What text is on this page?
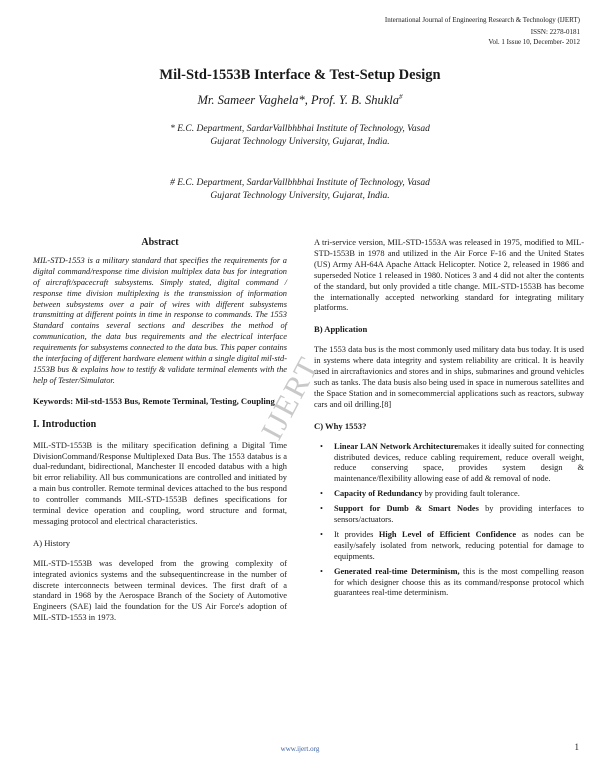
International Journal of Engineering Research & Technology (IJERT)
ISSN: 2278-0181
Vol. 1 Issue 10, December- 2012
Mil-Std-1553B Interface & Test-Setup Design
Mr. Sameer Vaghela*, Prof. Y. B. Shukla#
* E.C. Department, SardarVallbhbhai Institute of Technology, Vasad
Gujarat Technology University, Gujarat, India.
# E.C. Department, SardarVallbhbhai Institute of Technology, Vasad
Gujarat Technology University, Gujarat, India.
Abstract
MIL-STD-1553 is a military standard that specifies the requirements for a digital command/response time division multiplex data bus for integration of aircraft/spacecraft subsystems. Simply stated, digital command / response time division multiplexing is the transmission of information between subsystems over a pair of wires with different subsystems transmitting at different points in time in response to commands. The 1553 Standard contains several sections and describes the method of communication, the data bus requirements and the electrical interface requirements for subsystems connected to the data bus. This paper contains the interfacing of different hardware element within a single digital mil-std-1553B bus & explains how to testify & validate terminal elements with the help of Tester/Simulator.
Keywords: Mil-std-1553 Bus, Remote Terminal, Testing, Coupling
I. Introduction

MIL-STD-1553B is the military specification defining a Digital Time DivisionCommand/Response Multiplexed Data Bus. The 1553 databus is a dual-redundant, bidirectional, Manchester II encoded databus with a high bit error reliability. All bus communications are controlled and initiated by a main bus controller. Remote terminal devices attached to the bus respond to controller commands MIL-STD-1553B defines specifications for terminal device operation and coupling, word structure and format, messaging protocol and electrical characteristics.

A) History

MIL-STD-1553B was developed from the growing complexity of integrated avionics systems and the subsequentincrease in the number of discrete interconnects between terminal devices. The first draft of a standard in 1968 by the Aerospace Branch of the Society of Automotive Engineers (SAE) laid the foundation for the US Air Force's adoption of MIL-STD-1553 in 1973.

A tri-service version, MIL-STD-1553A was released in 1975, modified to MIL-STD-1553B in 1978 and utilized in the Air Force F-16 and the United States (US) Army AH-64A Apache Attack Helicopter. Notice 2, released in 1986 and superseded Notice 1 released in 1980. Notices 3 and 4 did not alter the contents of the standard, but only provided a title change. MIL-STD-1553B has become the internationally accepted networking standard for integrating military platforms.

B) Application

The 1553 data bus is the most commonly used military data bus today. It is used in systems where data integrity and system reliability are critical. It is heavily used in aircraftavionics and stores and in ships, submarines and ground vehicles such as tanks. The data busis also being used in space in numerous satellites and the Space Station and in somecommercial applications such as reactors, subway cars and oil drilling.[8]

C) Why 1553?
• Linear LAN Network Architecturemakes it ideally suited for connecting distributed devices, reduce cabling requirement, reduce overall weight, reduce conserving space, provides system design & maintenance/flexibility allowing ease of add & removal of node.
• Capacity of Redundancy by providing fault tolerance.
• Support for Dumb & Smart Nodes by providing interfaces to sensors/actuators.
• It provides High Level of Efficient Confidence as nodes can be easily/safely isolated from network, reducing potential for damage to equipments.
• Generated real-time Determinism, this is the most compelling reason for which designer choose this as its command/response protocol which guarantees real-time determinism.
IJERT
www.ijert.org	1
